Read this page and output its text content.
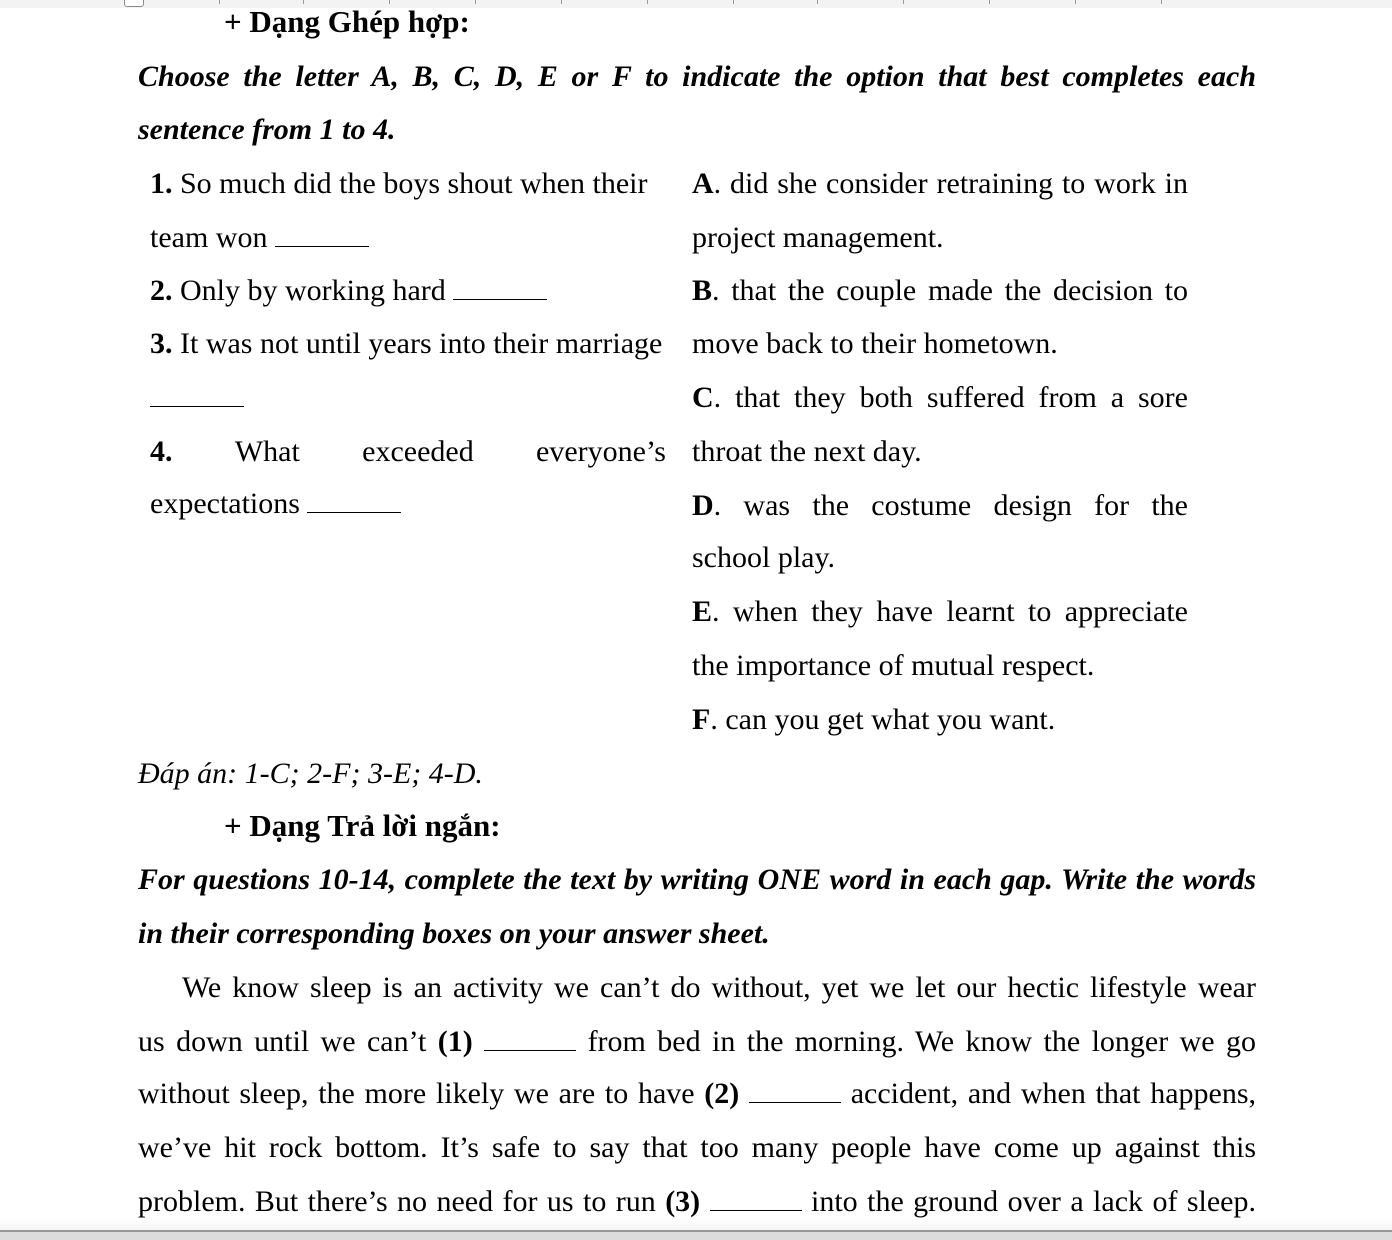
+ Dạng Ghép hợp:
Choose the letter A, B, C, D, E or F to indicate the option that best completes each
sentence from 1 to 4.
1. So much did the boys shout when their
team won
2. Only by working hard
3. It was not until years into their marriage
4. What exceeded everyone’s
expectations
A. did she consider retraining to work in
project management.
B. that the couple made the decision to
move back to their hometown.
C. that they both suffered from a sore
throat the next day.
D. was the costume design for the
school play.
E. when they have learnt to appreciate
the importance of mutual respect.
F. can you get what you want.
Đáp án: 1-C; 2-F; 3-E; 4-D.
+ Dạng Trả lời ngắn:
For questions 10-14, complete the text by writing ONE word in each gap. Write the words
in their corresponding boxes on your answer sheet.
We know sleep is an activity we can’t do without, yet we let our hectic lifestyle wear
us down until we can’t (1)	from bed in the morning. We know the longer we go
without sleep, the more likely we are to have (2)	accident, and when that happens,
we’ve hit rock bottom. It’s safe to say that too many people have come up against this
problem. But there’s no need for us to run (3)	into the ground over a lack of sleep.
